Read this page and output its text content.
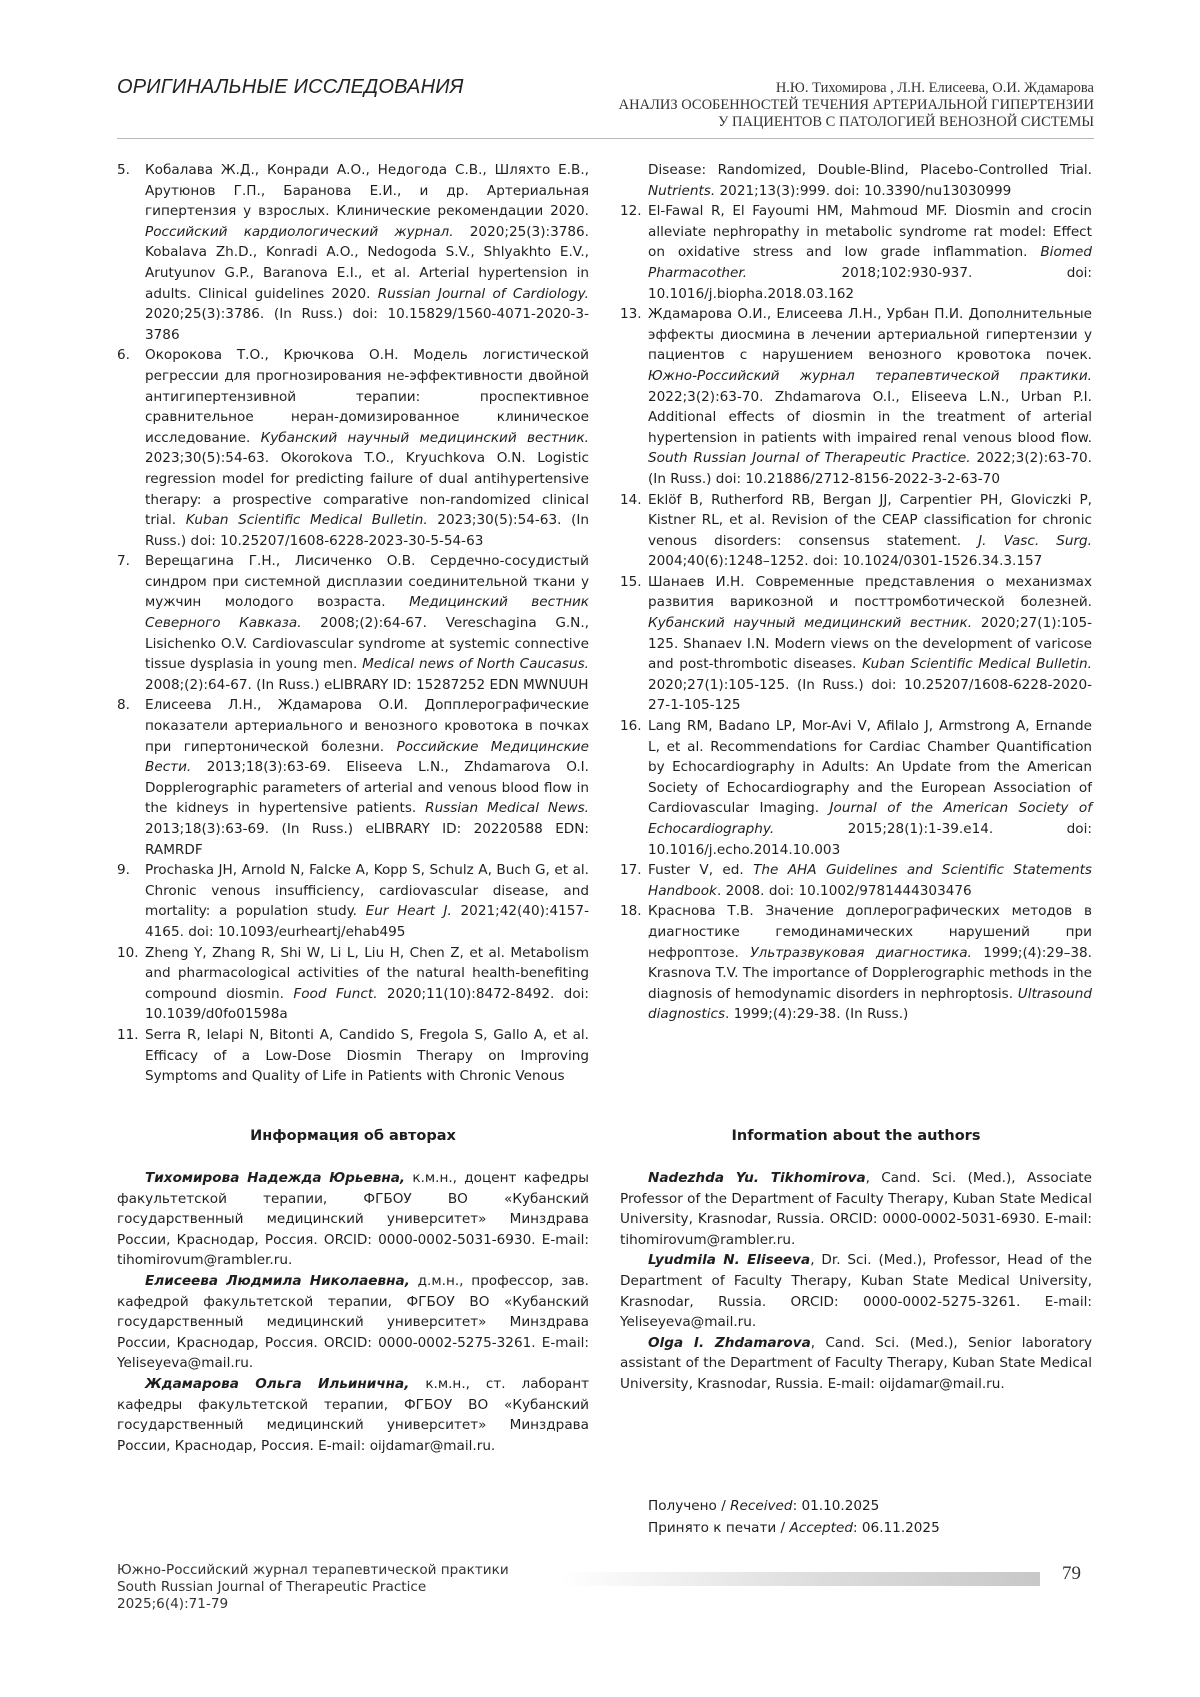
ОРИГИНАЛЬНЫЕ ИССЛЕДОВАНИЯ	Н.Ю. Тихомирова , Л.Н. Елисеева, О.И. Ждамарова
АНАЛИЗ ОСОБЕННОСТЕЙ ТЕЧЕНИЯ АРТЕРИАЛЬНОЙ ГИПЕРТЕНЗИИ
У ПАЦИЕНТОВ С ПАТОЛОГИЕЙ ВЕНОЗНОЙ СИСТЕМЫ
5. Кобалава Ж.Д., Конради А.О., Недогода С.В., Шляхто Е.В., Арутюнов Г.П., Баранова Е.И., и др. Артериальная гипертензия у взрослых. Клинические рекомендации 2020. Российский кардиологический журнал. 2020;25(3):3786. Kobalava Zh.D., Konradi A.O., Nedogoda S.V., Shlyakhto E.V., Arutyunov G.P., Baranova E.I., et al. Arterial hypertension in adults. Clinical guidelines 2020. Russian Journal of Cardiology. 2020;25(3):3786. (In Russ.) doi: 10.15829/1560-4071-2020-3-3786
6. Окорокова Т.О., Крючкова О.Н. Модель логистической регрессии для прогнозирования не-эффективности двойной антигипертензивной терапии: проспективное сравнительное неран-домизированное клиническое исследование. Кубанский научный медицинский вестник. 2023;30(5):54-63. Okorokova T.O., Kryuchkova O.N. Logistic regression model for predicting failure of dual antihypertensive therapy: a prospective comparative non-randomized clinical trial. Kuban Scientific Medical Bulletin. 2023;30(5):54-63. (In Russ.) doi: 10.25207/1608-6228-2023-30-5-54-63
7. Верещагина Г.Н., Лисиченко О.В. Сердечно-сосудистый синдром при системной дисплазии соединительной ткани у мужчин молодого возраста. Медицинский вестник Северного Кавказа. 2008;(2):64-67. Vereschagina G.N., Lisichenko O.V. Cardiovascular syndrome at systemic connective tissue dysplasia in young men. Medical news of North Caucasus. 2008;(2):64-67. (In Russ.) eLIBRARY ID: 15287252 EDN MWNUUH
8. Елисеева Л.Н., Ждамарова О.И. Допплерографические показатели артериального и венозного кровотока в почках при гипертонической болезни. Российские Медицинские Вести. 2013;18(3):63-69. Eliseeva L.N., Zhdamarova O.I. Dopplerographic parameters of arterial and venous blood flow in the kidneys in hypertensive patients. Russian Medical News. 2013;18(3):63-69. (In Russ.) eLIBRARY ID: 20220588 EDN: RAMRDF
9. Prochaska JH, Arnold N, Falcke A, Kopp S, Schulz A, Buch G, et al. Chronic venous insufficiency, cardiovascular disease, and mortality: a population study. Eur Heart J. 2021;42(40):4157-4165. doi: 10.1093/eurheartj/ehab495
10. Zheng Y, Zhang R, Shi W, Li L, Liu H, Chen Z, et al. Metabolism and pharmacological activities of the natural health-benefiting compound diosmin. Food Funct. 2020;11(10):8472-8492. doi: 10.1039/d0fo01598a
11. Serra R, Ielapi N, Bitonti A, Candido S, Fregola S, Gallo A, et al. Efficacy of a Low-Dose Diosmin Therapy on Improving Symptoms and Quality of Life in Patients with Chronic Venous
Disease: Randomized, Double-Blind, Placebo-Controlled Trial. Nutrients. 2021;13(3):999. doi: 10.3390/nu13030999
12. El-Fawal R, El Fayoumi HM, Mahmoud MF. Diosmin and crocin alleviate nephropathy in metabolic syndrome rat model: Effect on oxidative stress and low grade inflammation. Biomed Pharmacother. 2018;102:930-937. doi: 10.1016/j.biopha.2018.03.162
13. Ждамарова О.И., Елисеева Л.Н., Урбан П.И. Дополнительные эффекты диосмина в лечении артериальной гипертензии у пациентов с нарушением венозного кровотока почек. Южно-Российский журнал терапевтической практики. 2022;3(2):63-70. Zhdamarova O.I., Eliseeva L.N., Urban P.I. Additional effects of diosmin in the treatment of arterial hypertension in patients with impaired renal venous blood flow. South Russian Journal of Therapeutic Practice. 2022;3(2):63-70. (In Russ.) doi: 10.21886/2712-8156-2022-3-2-63-70
14. Eklöf B, Rutherford RB, Bergan JJ, Carpentier PH, Gloviczki P, Kistner RL, et al. Revision of the CEAP classification for chronic venous disorders: consensus statement. J. Vasc. Surg. 2004;40(6):1248–1252. doi: 10.1024/0301-1526.34.3.157
15. Шанаев И.Н. Современные представления о механизмах развития варикозной и посттромботической болезней. Кубанский научный медицинский вестник. 2020;27(1):105-125. Shanaev I.N. Modern views on the development of varicose and post-thrombotic diseases. Kuban Scientific Medical Bulletin. 2020;27(1):105-125. (In Russ.) doi: 10.25207/1608-6228-2020-27-1-105-125
16. Lang RM, Badano LP, Mor-Avi V, Afilalo J, Armstrong A, Ernande L, et al. Recommendations for Cardiac Chamber Quantification by Echocardiography in Adults: An Update from the American Society of Echocardiography and the European Association of Cardiovascular Imaging. Journal of the American Society of Echocardiography. 2015;28(1):1-39.e14. doi: 10.1016/j.echo.2014.10.003
17. Fuster V, ed. The AHA Guidelines and Scientific Statements Handbook. 2008. doi: 10.1002/9781444303476
18. Краснова Т.В. Значение доплерографических методов в диагностике гемодинамических нарушений при нефроптозе. Ультразвуковая диагностика. 1999;(4):29–38. Krasnova T.V. The importance of Dopplerographic methods in the diagnosis of hemodynamic disorders in nephroptosis. Ultrasound diagnostics. 1999;(4):29-38. (In Russ.)
Информация об авторах	Information about the authors
Тихомирова Надежда Юрьевна, к.м.н., доцент кафедры факультетской терапии, ФГБОУ ВО «Кубанский государственный медицинский университет» Минздрава России, Краснодар, Россия. ORCID: 0000-0002-5031-6930. E-mail: tihomirovum@rambler.ru.
Елисеева Людмила Николаевна, д.м.н., профессор, зав. кафедрой факультетской терапии, ФГБОУ ВО «Кубанский государственный медицинский университет» Минздрава России, Краснодар, Россия. ORCID: 0000-0002-5275-3261. E-mail: Yeliseyeva@mail.ru.
Ждамарова Ольга Ильинична, к.м.н., ст. лаборант кафедры факультетской терапии, ФГБОУ ВО «Кубанский государственный медицинский университет» Минздрава России, Краснодар, Россия. E-mail: oijdamar@mail.ru.
Nadezhda Yu. Tikhomirova, Cand. Sci. (Med.), Associate Professor of the Department of Faculty Therapy, Kuban State Medical University, Krasnodar, Russia. ORCID: 0000-0002-5031-6930. E-mail: tihomirovum@rambler.ru.
Lyudmila N. Eliseeva, Dr. Sci. (Med.), Professor, Head of the Department of Faculty Therapy, Kuban State Medical University, Krasnodar, Russia. ORCID: 0000-0002-5275-3261. E-mail: Yeliseyeva@mail.ru.
Olga I. Zhdamarova, Cand. Sci. (Med.), Senior laboratory assistant of the Department of Faculty Therapy, Kuban State Medical University, Krasnodar, Russia. E-mail: oijdamar@mail.ru.
Получено / Received: 01.10.2025
Принято к печати / Accepted: 06.11.2025
Южно-Российский журнал терапевтической практики
South Russian Journal of Therapeutic Practice
2025;6(4):71-79
79
